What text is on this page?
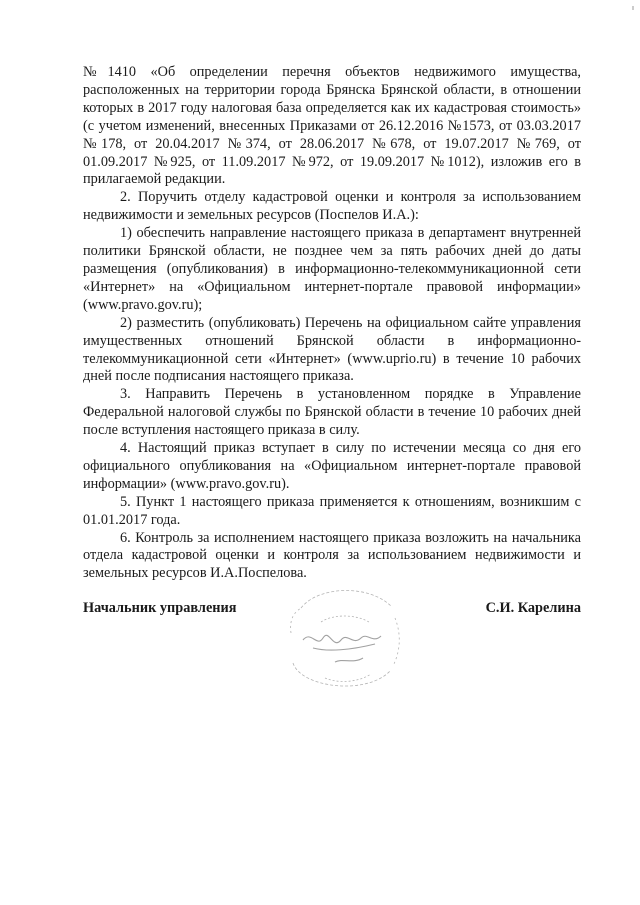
№1410 «Об определении перечня объектов недвижимого имущества, расположенных на территории города Брянска Брянской области, в отношении которых в 2017 году налоговая база определяется как их кадастровая стоимость» (с учетом изменений, внесенных Приказами от 26.12.2016 №1573, от 03.03.2017 №178, от 20.04.2017 №374, от 28.06.2017 №678, от 19.07.2017 №769, от 01.09.2017 №925, от 11.09.2017 №972, от 19.09.2017 №1012), изложив его в прилагаемой редакции.

2. Поручить отделу кадастровой оценки и контроля за использованием недвижимости и земельных ресурсов (Поспелов И.А.):

1) обеспечить направление настоящего приказа в департамент внутренней политики Брянской области, не позднее чем за пять рабочих дней до даты размещения (опубликования) в информационно-телекоммуникационной сети «Интернет» на «Официальном интернет-портале правовой информации» (www.pravo.gov.ru);

2) разместить (опубликовать) Перечень на официальном сайте управления имущественных отношений Брянской области в информационно-телекоммуникационной сети «Интернет» (www.uprio.ru) в течение 10 рабочих дней после подписания настоящего приказа.

3. Направить Перечень в установленном порядке в Управление Федеральной налоговой службы по Брянской области в течение 10 рабочих дней после вступления настоящего приказа в силу.

4. Настоящий приказ вступает в силу по истечении месяца со дня его официального опубликования на «Официальном интернет-портале правовой информации» (www.pravo.gov.ru).

5. Пункт 1 настоящего приказа применяется к отношениям, возникшим с 01.01.2017 года.

6. Контроль за исполнением настоящего приказа возложить на начальника отдела кадастровой оценки и контроля за использованием недвижимости и земельных ресурсов И.А.Поспелова.

Начальник управления	С.И. Карелина
